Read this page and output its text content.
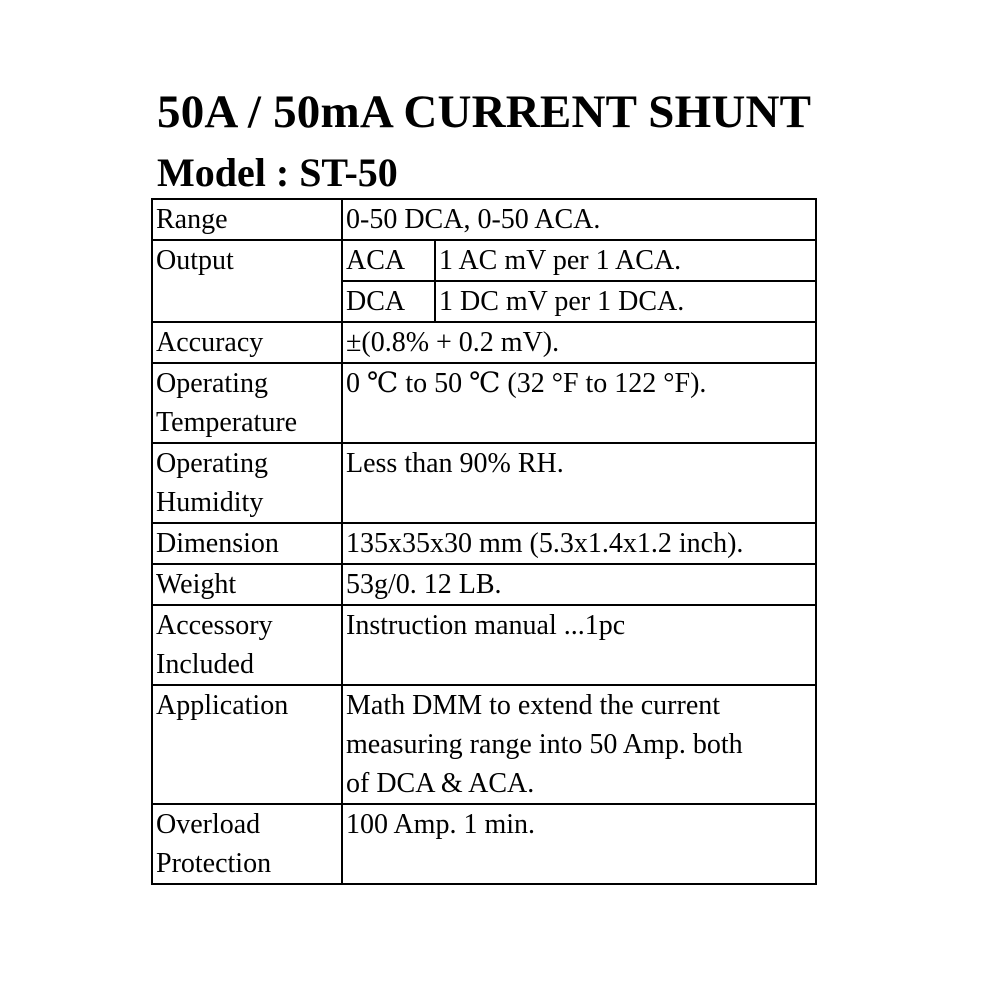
50A / 50mA CURRENT SHUNT
Model : ST-50
Range	0-50 DCA, 0-50 ACA.	
Output	ACA	1 AC mV per 1 ACA.
	DCA	1 DC mV per 1 DCA.
Accuracy	±(0.8% + 0.2 mV).	

Operating
Temperature	0 ℃ to 50 ℃ (32 °F to 122 °F).	

Operating
Humidity	Less than 90% RH.	
Dimension	135x35x30 mm (5.3x1.4x1.2 inch).	
Weight	53g/0. 12 LB.	

Accessory
Included	Instruction manual ...1pc	
Application	Math DMM to extend the current
measuring range into 50 Amp. both
of DCA & ACA.	

Overload
Protection	100 Amp. 1 min.	
